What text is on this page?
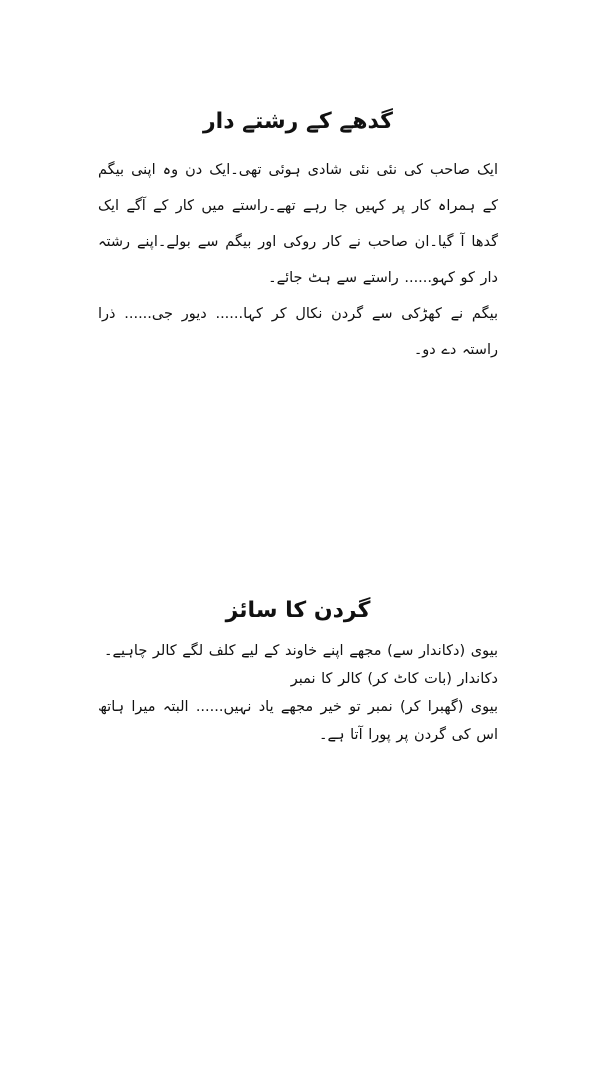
گدھے کے رشتے دار

ایک صاحب کی نئی نئی شادی ہوئی تھی۔ایک دن وہ اپنی بیگم کے ہمراہ کار پر کہیں جا رہے تھے۔راستے میں کار کے آگے ایک گدھا آ گیا۔ان صاحب نے کار روکی اور بیگم سے بولے۔اپنے رشتہ دار کو کہو...... راستے سے ہٹ جائے۔

بیگم نے کھڑکی سے گردن نکال کر کہا...... دیور جی...... ذرا راستہ دے دو۔

گردن کا سائز

بیوی (دکاندار سے) مجھے اپنے خاوند کے لیے کلف لگے کالر چاہیے۔

دکاندار (بات کاٹ کر) کالر کا نمبر

بیوی (گھبرا کر) نمبر تو خیر مجھے یاد نہیں...... البتہ میرا ہاتھ اس کی گردن پر پورا آتا ہے۔
